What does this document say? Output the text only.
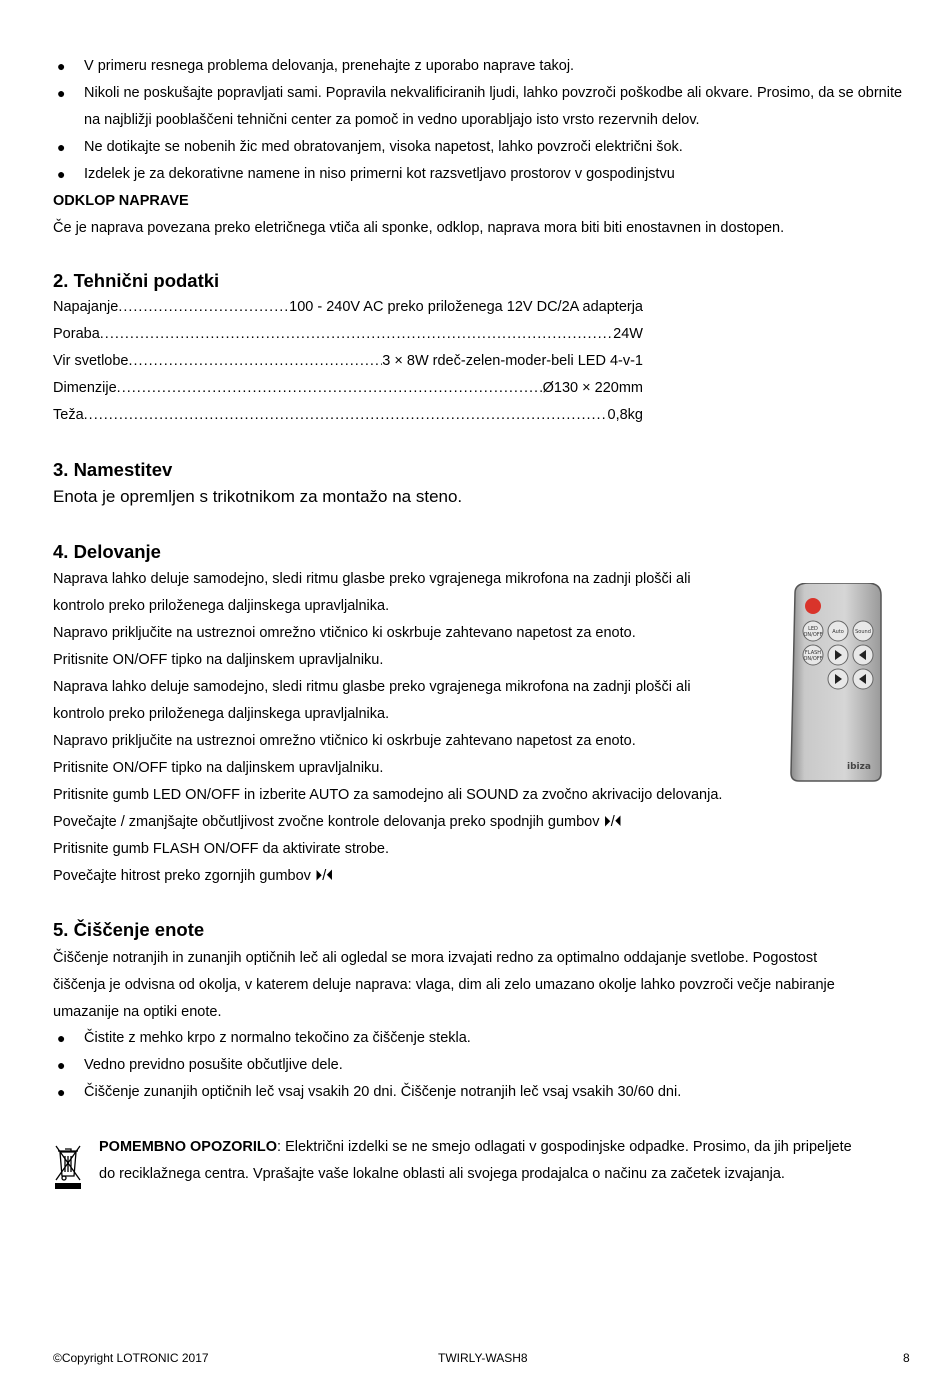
● V primeru resnega problema delovanja, prenehajte z uporabo naprave takoj.
● Nikoli ne poskušajte popravljati sami. Popravila nekvalificiranih ljudi, lahko povzroči poškodbe ali okvare. Prosimo, da se obrnite na najbližji pooblaščeni tehnični center za pomoč in vedno uporabljajo isto vrsto rezervnih delov.
● Ne dotikajte se nobenih žic med obratovanjem, visoka napetost, lahko povzroči električni šok.
● Izdelek je za dekorativne namene in niso primerni kot razsvetljavo prostorov v gospodinjstvu
ODKLOP NAPRAVE
Če je naprava povezana preko eletričnega vtiča ali sponke, odklop, naprava mora biti biti enostavnen in dostopen.
2. Tehnični podatki
Napajanje .....	100 - 240V AC preko priloženega 12V DC/2A adapterja
Poraba .....	24W
Vir svetlobe .....	3 × 8W rdeč-zelen-moder-beli LED 4-v-1
Dimenzije .....	Ø130 × 220mm
Teža .....	0,8kg
3. Namestitev
Enota je opremljen s trikotnikom za montažo na steno.
4. Delovanje
Naprava lahko deluje samodejno, sledi ritmu glasbe preko vgrajenega mikrofona na zadnji plošči ali
kontrolo preko priloženega daljinskega upravljalnika.
Napravo priključite na ustreznoi omrežno vtičnico ki oskrbuje zahtevano napetost za enoto.
Pritisnite ON/OFF tipko na daljinskem upravljalniku.
Naprava lahko deluje samodejno, sledi ritmu glasbe preko vgrajenega mikrofona na zadnji plošči ali
kontrolo preko priloženega daljinskega upravljalnika.
Napravo priključite na ustreznoi omrežno vtičnico ki oskrbuje zahtevano napetost za enoto.
Pritisnite ON/OFF tipko na daljinskem upravljalniku.
Pritisnite gumb LED ON/OFF in izberite AUTO za samodejno ali SOUND za zvočno akrivacijo delovanja.
Povečajte / zmanjšajte občutljivost zvočne kontrole delovanja preko spodnjih gumbov ⏵/⏴
Pritisnite gumb FLASH ON/OFF da aktivirate strobe.
Povečajte hitrost preko zgornjih gumbov ⏵/⏴
LED
ON/OFF Auto Sound
FLASH
ON/OFF
ibiza
5. Čiščenje enote
Čiščenje notranjih in zunanjih optičnih leč ali ogledal se mora izvajati redno za optimalno oddajanje svetlobe. Pogostost
čiščenja je odvisna od okolja, v katerem deluje naprava: vlaga, dim ali zelo umazano okolje lahko povzroči večje nabiranje
umazanije na optiki enote.
● Čistite z mehko krpo z normalno tekočino za čiščenje stekla.
● Vedno previdno posušite občutljive dele.
● Čiščenje zunanjih optičnih leč vsaj vsakih 20 dni. Čiščenje notranjih leč vsaj vsakih 30/60 dni.
POMEMBNO OPOZORILO: Električni izdelki se ne smejo odlagati v gospodinjske odpadke. Prosimo, da jih pripeljete
do reciklažnega centra. Vprašajte vaše lokalne oblasti ali svojega prodajalca o načinu za začetek izvajanja.
©Copyright LOTRONIC 2017	TWIRLY-WASH8	8
